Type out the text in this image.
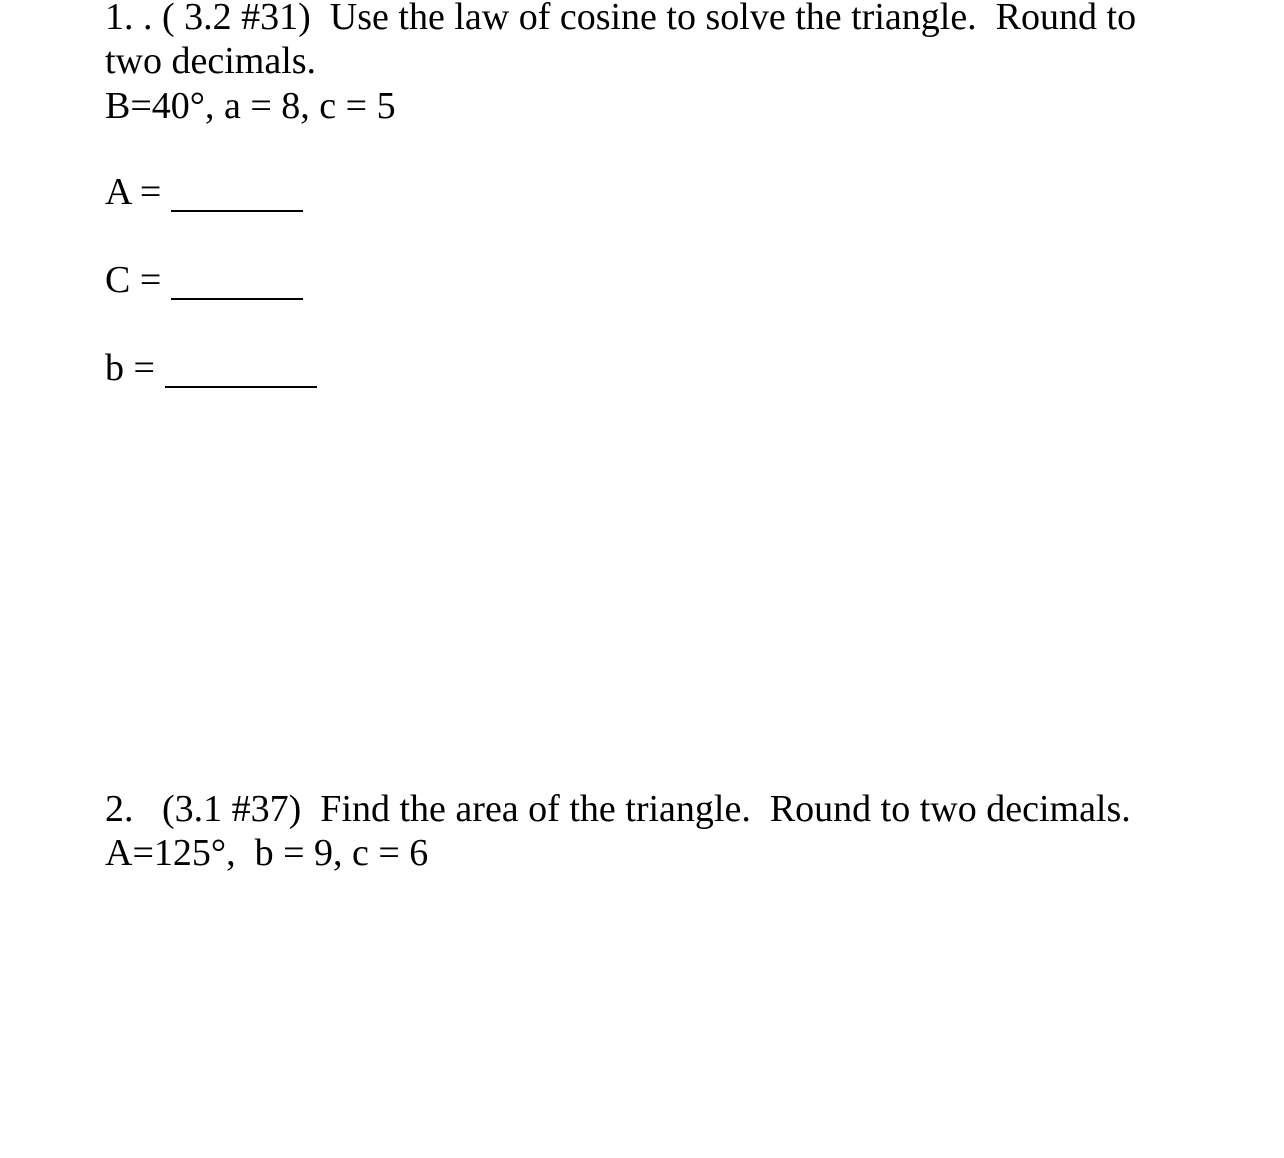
1. . ( 3.2 #31)  Use the law of cosine to solve the triangle.  Round to
two decimals.
B=40°, a = 8, c = 5
A =
C =
b =
2.   (3.1 #37)  Find the area of the triangle.  Round to two decimals.
A=125°,  b = 9, c = 6
